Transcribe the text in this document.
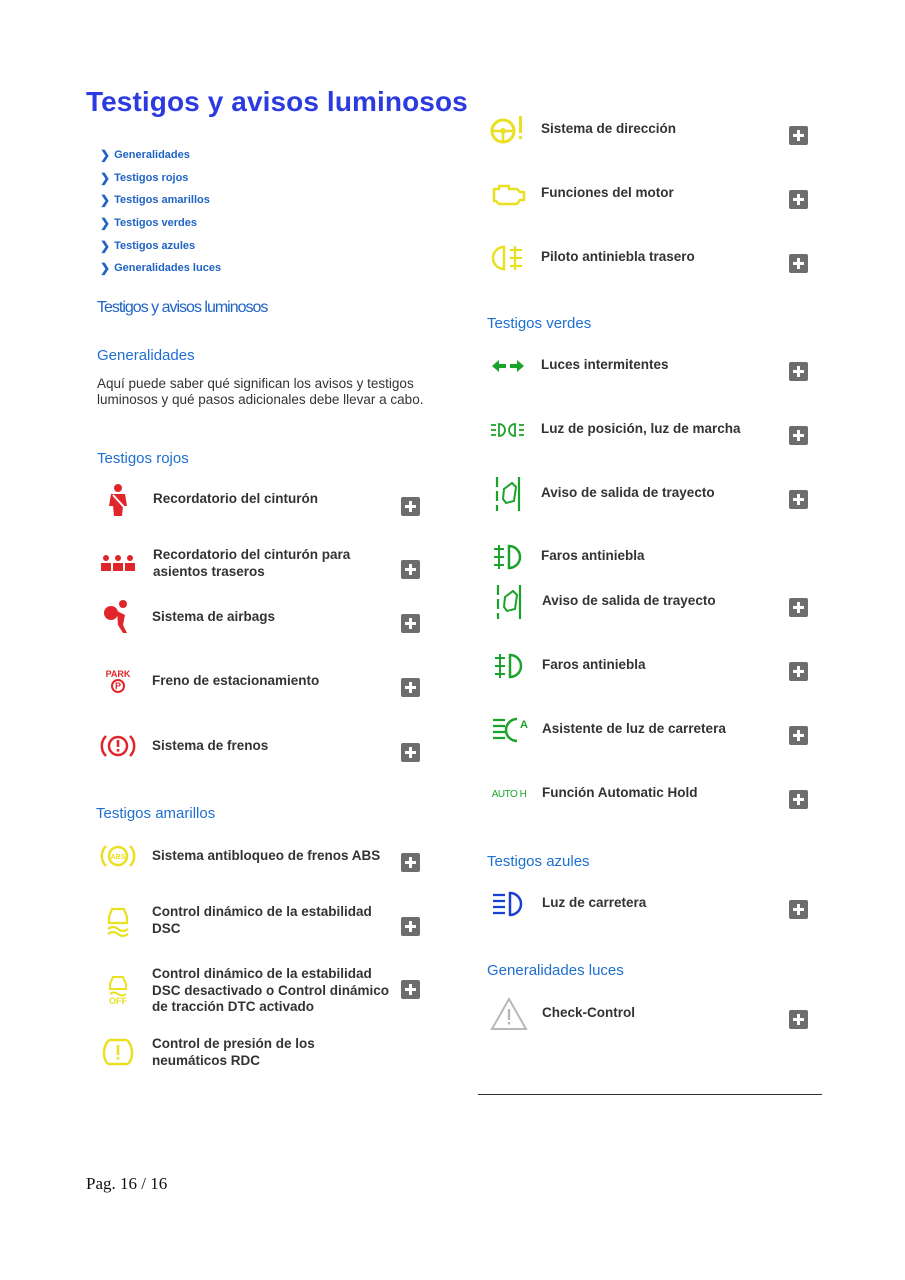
Testigos y avisos luminosos
❯ Generalidades
❯ Testigos rojos
❯ Testigos amarillos
❯ Testigos verdes
❯ Testigos azules
❯ Generalidades luces
Testigos y avisos luminosos
Generalidades
Aquí puede saber qué significan los avisos y testigos luminosos y qué pasos adicionales debe llevar a cabo.
Testigos rojos
Recordatorio del cinturón
Recordatorio del cinturón para asientos traseros
Sistema de airbags
PARK
P Freno de estacionamiento
Sistema de frenos
Testigos amarillos
ABS Sistema antibloqueo de frenos ABS
Control dinámico de la estabilidad DSC
OFF
Control dinámico de la estabilidad DSC desactivado o Control dinámico de tracción DTC activado
Control de presión de los neumáticos RDC
Sistema de dirección
Funciones del motor
Piloto antiniebla trasero
Testigos verdes
Luces intermitentes
Luz de posición, luz de marcha
Aviso de salida de trayecto
Faros antiniebla
Aviso de salida de trayecto
Faros antiniebla
A Asistente de luz de carretera
AUTO H Función Automatic Hold
Testigos azules
Luz de carretera
Generalidades luces
Check-Control
Pag. 16 / 16
